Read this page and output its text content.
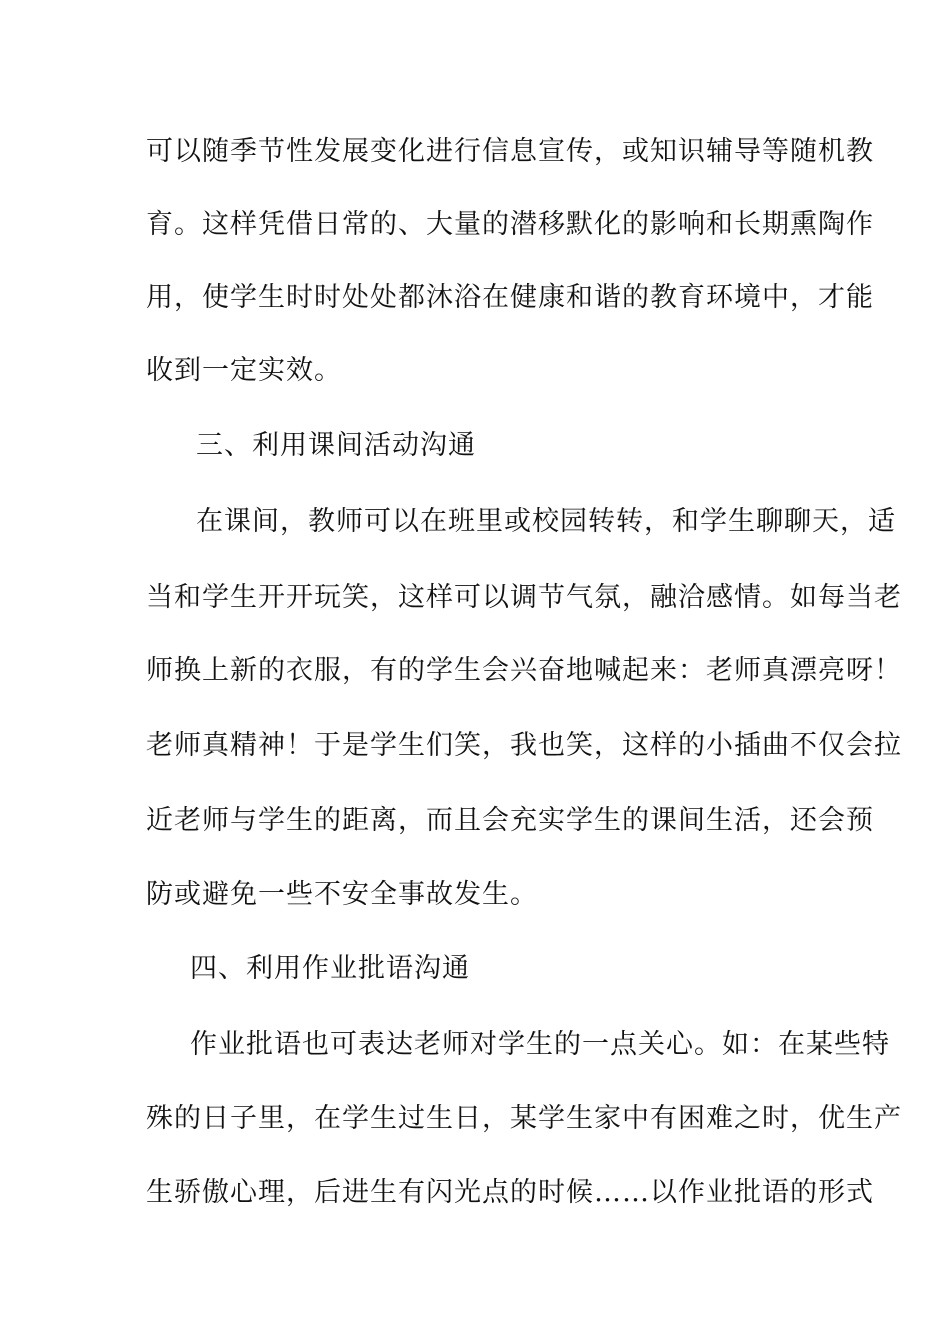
可以随季节性发展变化进行信息宣传，或知识辅导等随机教
育。这样凭借日常的、大量的潜移默化的影响和长期熏陶作
用，使学生时时处处都沐浴在健康和谐的教育环境中，才能
收到一定实效。
三、利用课间活动沟通
在课间，教师可以在班里或校园转转，和学生聊聊天，适
当和学生开开玩笑，这样可以调节气氛，融洽感情。如每当老
师换上新的衣服，有的学生会兴奋地喊起来：老师真漂亮呀！
老师真精神！于是学生们笑，我也笑，这样的小插曲不仅会拉
近老师与学生的距离，而且会充实学生的课间生活，还会预
防或避免一些不安全事故发生。
四、利用作业批语沟通
作业批语也可表达老师对学生的一点关心。如：在某些特
殊的日子里，在学生过生日，某学生家中有困难之时，优生产
生骄傲心理，后进生有闪光点的时候……以作业批语的形式
